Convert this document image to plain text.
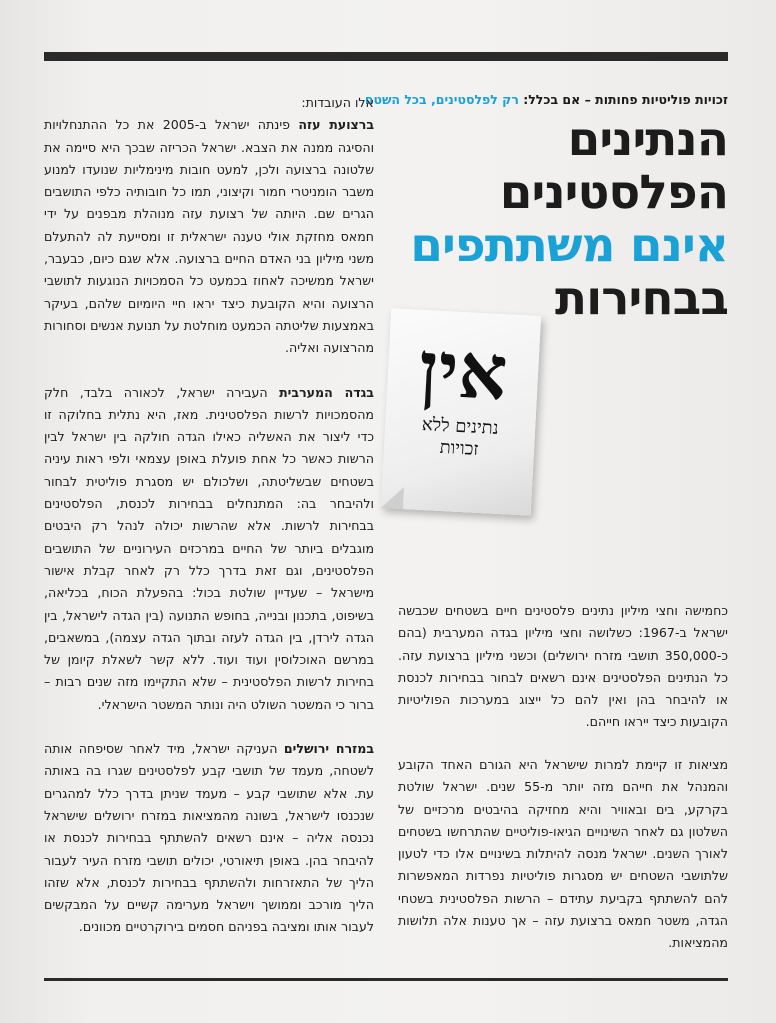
זכויות פוליטיות פחותות – אם בכלל: רק לפלסטינים, בכל השטח
הנתינים
הפלסטינים
אינם משתתפים
בבחירות

כחמישה וחצי מיליון נתינים פלסטינים חיים בשטחים שכבשה ישראל ב-1967: כשלושה וחצי מיליון בגדה המערבית (בהם כ-350,000 תושבי מזרח ירושלים) וכשני מיליון ברצועת עזה. כל הנתינים הפלסטינים אינם רשאים לבחור בבחירות לכנסת או להיבחר בהן ואין להם כל ייצוג במערכות הפוליטיות הקובעות כיצד ייראו חייהם.

מציאות זו קיימת למרות שישראל היא הגורם האחד הקובע והמנהל את חייהם מזה יותר מ-55 שנים. ישראל שולטת בקרקע, בים ובאוויר והיא מחזיקה בהיבטים מרכזיים של השלטון גם לאחר השינויים הגיאו-פוליטיים שהתרחשו בשטחים לאורך השנים. ישראל מנסה להיתלות בשינויים אלו כדי לטעון שלתושבי השטחים יש מסגרות פוליטיות נפרדות המאפשרות להם להשתתף בקביעת עתידם – הרשות הפלסטינית בשטחי הגדה, משטר חמאס ברצועת עזה – אך טענות אלה תלושות מהמציאות.

אין
נתינים ללא
זכויות

אלו העובדות:

ברצועת עזה פינתה ישראל ב-2005 את כל ההתנחלויות והסיגה ממנה את הצבא. ישראל הכריזה שבכך היא סיימה את שלטונה ברצועה ולכן, למעט חובות מינימליות שנועדו למנוע משבר הומניטרי חמור וקיצוני, תמו כל חובותיה כלפי התושבים הגרים שם. היותה של רצועת עזה מנוהלת מבפנים על ידי חמאס מחזקת אולי טענה ישראלית זו ומסייעת לה להתעלם משני מיליון בני האדם החיים ברצועה. אלא שגם כיום, כבעבר, ישראל ממשיכה לאחוז בכמעט כל הסמכויות הנוגעות לתושבי הרצועה והיא הקובעת כיצד יראו חיי היומיום שלהם, בעיקר באמצעות שליטתה הכמעט מוחלטת על תנועת אנשים וסחורות מהרצועה ואליה.

בגדה המערבית העבירה ישראל, לכאורה בלבד, חלק מהסמכויות לרשות הפלסטינית. מאז, היא נתלית בחלוקה זו כדי ליצור את האשליה כאילו הגדה חולקה בין ישראל לבין הרשות כאשר כל אחת פועלת באופן עצמאי ולפי ראות עיניה בשטחים שבשליטתה, ושלכולם יש מסגרת פוליטית לבחור ולהיבחר בה: המתנחלים בבחירות לכנסת, הפלסטינים בבחירות לרשות. אלא שהרשות יכולה לנהל רק היבטים מוגבלים ביותר של החיים במרכזים העירוניים של התושבים הפלסטינים, וגם זאת בדרך כלל רק לאחר קבלת אישור מישראל – שעדיין שולטת בכול: בהפעלת הכוח, בכליאה, בשיפוט, בתכנון ובנייה, בחופש התנועה (בין הגדה לישראל, בין הגדה לירדן, בין הגדה לעזה ובתוך הגדה עצמה), במשאבים, במרשם האוכלוסין ועוד ועוד. ללא קשר לשאלת קיומן של בחירות לרשות הפלסטינית – שלא התקיימו מזה שנים רבות – ברור כי המשטר השולט היה ונותר המשטר הישראלי.

במזרח ירושלים העניקה ישראל, מיד לאחר שסיפחה אותה לשטחה, מעמד של תושבי קבע לפלסטינים שגרו בה באותה עת. אלא שתושבי קבע – מעמד שניתן בדרך כלל למהגרים שנכנסו לישראל, בשונה מהמציאות במזרח ירושלים שישראל נכנסה אליה – אינם רשאים להשתתף בבחירות לכנסת או להיבחר בהן. באופן תיאורטי, יכולים תושבי מזרח העיר לעבור הליך של התאזרחות ולהשתתף בבחירות לכנסת, אלא שזהו הליך מורכב וממושך וישראל מערימה קשיים על המבקשים לעבור אותו ומציבה בפניהם חסמים בירוקרטיים מכוונים.
